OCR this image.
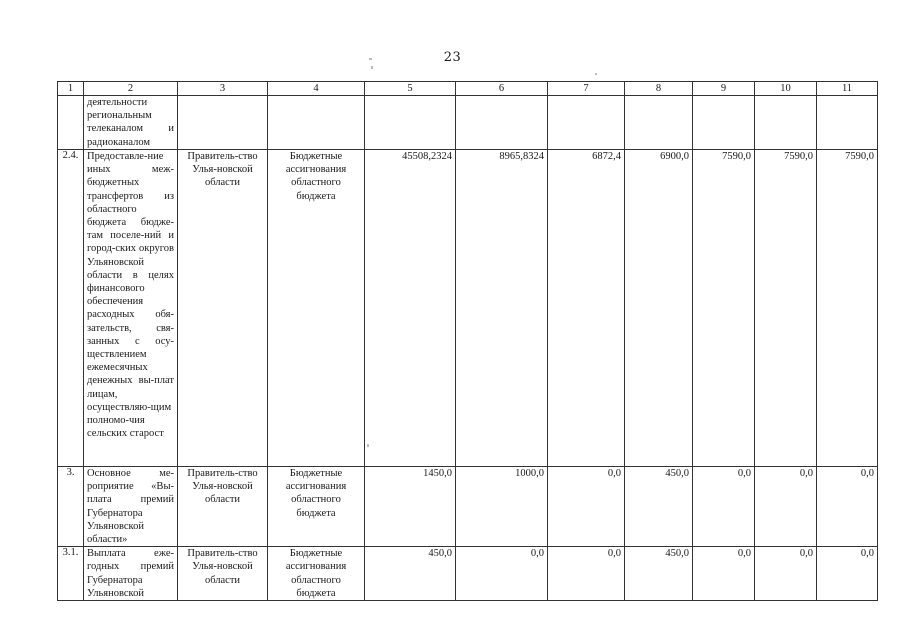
23
1	2	3	4	5	6	7	8	9	10	11
	деятельности региональным телеканалом и радиоканалом									
2.4.	Предоставле-ние иных меж-бюджетных трансфертов из областного бюджета бюдже-там поселе-ний и город-ских округов Ульяновской области в целях финансового обеспечения расходных обя-зательств, свя-занных с осу-ществлением ежемесячных денежных вы-плат лицам, осуществляю-щим полномо-чия сельских старост	Правитель-ство Улья-новской области	Бюджетные ассигнования областного бюджета	45508,2324	8965,8324	6872,4	6900,0	7590,0	7590,0	7590,0
3.	Основное ме-роприятие «Вы-плата премий Губернатора Ульяновской области»	Правитель-ство Улья-новской области	Бюджетные ассигнования областного бюджета	1450,0	1000,0	0,0	450,0	0,0	0,0	0,0
3.1.	Выплата еже-годных премий Губернатора Ульяновской	Правитель-ство Улья-новской области	Бюджетные ассигнования областного бюджета	450,0	0,0	0,0	450,0	0,0	0,0	0,0
